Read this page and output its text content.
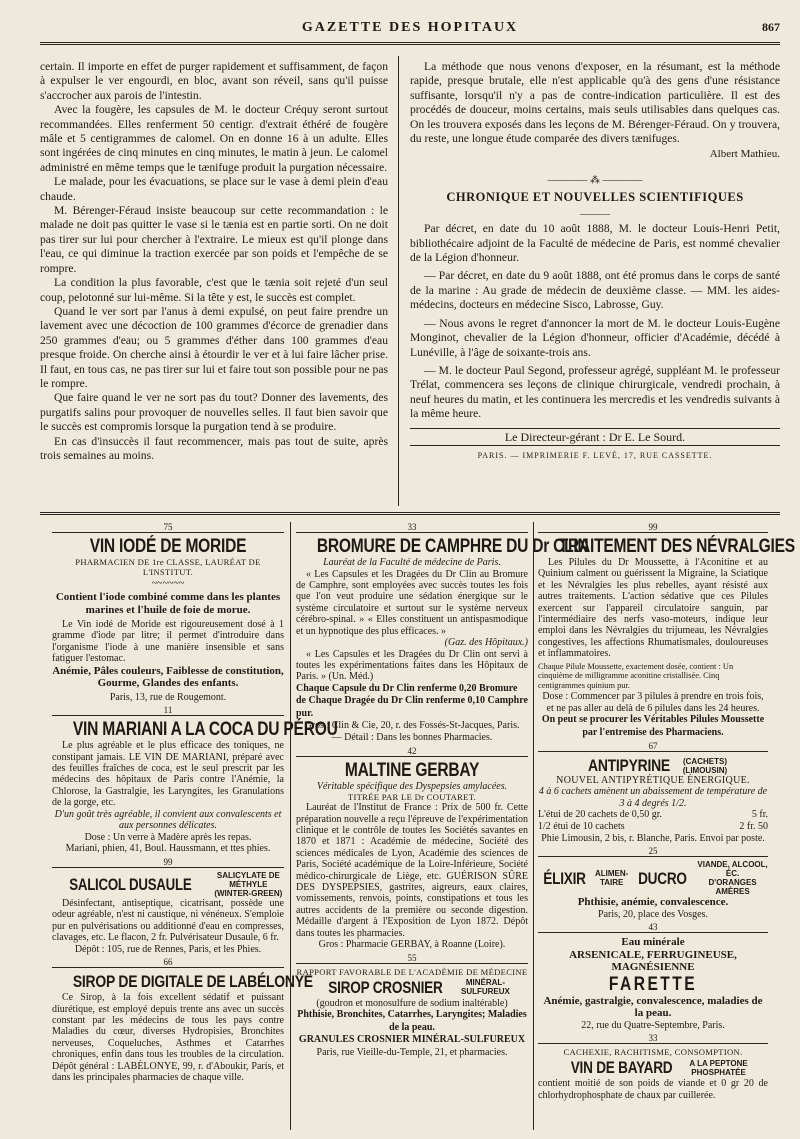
GAZETTE DES HOPITAUX	867

certain. Il importe en effet de purger rapidement et suffisamment, de façon à expulser le ver engourdi, en bloc, avant son réveil, sans qu'il puisse s'accrocher aux parois de l'intestin.

Avec la fougère, les capsules de M. le docteur Créquy seront surtout recommandées. Elles renferment 50 centigr. d'extrait éthéré de fougère mâle et 5 centigrammes de calomel. On en donne 16 à un adulte. Elles sont ingérées de cinq minutes en cinq minutes, le matin à jeun. Le calomel administré en même temps que le tænifuge produit la purgation nécessaire.

Le malade, pour les évacuations, se place sur le vase à demi plein d'eau chaude.

M. Bérenger-Féraud insiste beaucoup sur cette recommandation : le malade ne doit pas quitter le vase si le tænia est en partie sorti. On ne doit pas tirer sur lui pour chercher à l'extraire. Le mieux est qu'il plonge dans l'eau, ce qui diminue la traction exercée par son poids et l'empêche de se rompre.

La condition la plus favorable, c'est que le tænia soit rejeté d'un seul coup, pelotonné sur lui-même. Si la tête y est, le succès est complet.

Quand le ver sort par l'anus à demi expulsé, on peut faire prendre un lavement avec une décoction de 100 grammes d'écorce de grenadier dans 250 grammes d'eau; ou 5 grammes d'éther dans 100 grammes d'eau presque froide. On cherche ainsi à étourdir le ver et à lui faire lâcher prise. Il faut, en tous cas, ne pas tirer sur lui et faire tout son possible pour ne pas le rompre.

Que faire quand le ver ne sort pas du tout? Donner des lavements, des purgatifs salins pour provoquer de nouvelles selles. Il faut bien savoir que le succès est compromis lorsque la purgation tend à se produire.

En cas d'insuccès il faut recommencer, mais pas tout de suite, après trois semaines au moins.

La méthode que nous venons d'exposer, en la résumant, est la méthode rapide, presque brutale, elle n'est applicable qu'à des gens d'une résistance suffisante, lorsqu'il n'y a pas de contre-indication particulière. Il est des procédés de douceur, moins certains, mais seuls utilisables dans quelques cas. On les trouvera exposés dans les leçons de M. Bérenger-Féraud. On y trouvera, du reste, une longue étude comparée des divers tænifuges.

Albert Mathieu.
———— ⁂ ————
CHRONIQUE ET NOUVELLES SCIENTIFIQUES
———

Par décret, en date du 10 août 1888, M. le docteur Louis-Henri Petit, bibliothécaire adjoint de la Faculté de médecine de Paris, est nommé chevalier de la Légion d'honneur.

— Par décret, en date du 9 août 1888, ont été promus dans le corps de santé de la marine : Au grade de médecin de deuxième classe. — MM. les aides-médecins, docteurs en médecine Sisco, Labrosse, Guy.

— Nous avons le regret d'annoncer la mort de M. le docteur Louis-Eugène Monginot, chevalier de la Légion d'honneur, officier d'Académie, décédé à Lunéville, à l'âge de soixante-trois ans.

— M. le docteur Paul Segond, professeur agrégé, suppléant M. le professeur Trélat, commencera ses leçons de clinique chirurgicale, vendredi prochain, à neuf heures du matin, et les continuera les mercredis et les vendredis suivants à la même heure.

Le Directeur-gérant : Dr E. Le Sourd.
PARIS. — IMPRIMERIE F. LEVÉ, 17, RUE CASSETTE.
75
VIN IODÉ DE MORIDE
PHARMACIEN DE 1re CLASSE, LAURÉAT DE L'INSTITUT.
~~~~~~
Contient l'iode combiné comme dans les plantes marines et l'huile de foie de morue.

Le Vin iodé de Moride est rigoureusement dosé à 1 gramme d'iode par litre; il permet d'introduire dans l'organisme l'iode à une manière insensible et sans fatiguer l'estomac.

Anémie, Pâles couleurs, Faiblesse de constitution, Gourme, Glandes des enfants.
Paris, 13, rue de Rougemont.
11
VIN MARIANI A LA COCA DU PÉROU

Le plus agréable et le plus efficace des toniques, ne constipant jamais. LE VIN DE MARIANI, préparé avec des feuilles fraîches de coca, est le seul prescrit par les médecins des hôpitaux de Paris contre l'Anémie, la Chlorose, la Gastralgie, les Laryngites, les Granulations de la gorge, etc.

D'un goût très agréable, il convient aux convalescents et aux personnes délicates.
Dose : Un verre à Madère après les repas.
Mariani, phien, 41, Boul. Haussmann, et ttes phies.
99
SALICOL DUSAULE	SALICYLATE DE MÉTHYLE
(WINTER-GREEN)

Désinfectant, antiseptique, cicatrisant, possède une odeur agréable, n'est ni caustique, ni vénéneux. S'emploie pur en pulvérisations ou additionné d'eau en compresses, clavages, etc. Le flacon, 2 fr. Pulvérisateur Dusaule, 6 fr.

Dépôt : 105, rue de Rennes, Paris, et les Phies.
66
SIROP DE DIGITALE DE LABÉLONYE

Ce Sirop, à la fois excellent sédatif et puissant diurétique, est employé depuis trente ans avec un succès constant par les médecins de tous les pays contre Maladies du cœur, diverses Hydropisies, Bronchites nerveuses, Coqueluches, Asthmes et Catarrhes chroniques, enfin dans tous les troubles de la circulation. Dépôt général : LABÉLONYE, 99, r. d'Aboukir, Paris, et dans les principales pharmacies de chaque ville.

33
BROMURE DE CAMPHRE DU Dr CLIN
Lauréat de la Faculté de médecine de Paris.

« Les Capsules et les Dragées du Dr Clin au Bromure de Camphre, sont employées avec succès toutes les fois que l'on veut produire une sédation énergique sur le système circulatoire et surtout sur le système nerveux cérébro-spinal. » « Elles constituent un antispasmodique et un hypnotique des plus efficaces. »

(Gaz. des Hôpitaux.)

« Les Capsules et les Dragées du Dr Clin ont servi à toutes les expérimentations faites dans les Hôpitaux de Paris. » (Un. Méd.)

Chaque Capsule du Dr Clin renferme 0,20 Bromure de Chaque Dragée du Dr Clin renferme 0,10 Camphre pur.
Gros : Clin & Cie, 20, r. des Fossés-St-Jacques, Paris.
— Détail : Dans les bonnes Pharmacies.
42
MALTINE GERBAY
Véritable spécifique des Dyspepsies amylacées.
TITRÉE PAR LE Dr COUTARET.

Lauréat de l'Institut de France : Prix de 500 fr. Cette préparation nouvelle a reçu l'épreuve de l'expérimentation clinique et le contrôle de toutes les Sociétés savantes en 1870 et 1871 : Académie de médecine, Société des sciences médicales de Lyon, Académie des sciences de Paris, Société académique de la Loire-Inférieure, Société médico-chirurgicale de Liège, etc. GUÉRISON SÛRE DES DYSPEPSIES, gastrites, aigreurs, eaux claires, vomissements, renvois, points, constipations et tous les autres accidents de la première ou seconde digestion. Médaille d'argent à l'Exposition de Lyon 1872. Dépôt dans toutes les pharmacies.

Gros : Pharmacie GERBAY, à Roanne (Loire).
55
RAPPORT FAVORABLE DE L'ACADÉMIE DE MÉDECINE
SIROP CROSNIER	MINÉRAL-
SULFUREUX
(goudron et monosulfure de sodium inaltérable)
Phthisie, Bronchites, Catarrhes, Laryngites; Maladies de la peau.
GRANULES CROSNIER MINÉRAL-SULFUREUX
Paris, rue Vieille-du-Temple, 21, et pharmacies.
99
TRAITEMENT DES NÉVRALGIES

Les Pilules du Dr Moussette, à l'Aconitine et au Quinium calment ou guérissent la Migraine, la Sciatique et les Névralgies les plus rebelles, ayant résisté aux autres traitements. L'action sédative que ces Pilules exercent sur l'appareil circulatoire sanguin, par l'intermédiaire des nerfs vaso-moteurs, indique leur emploi dans les Névralgies du trijumeau, les Névralgies congestives, les affections Rhumatismales, douloureuses et inflammatoires.

Chaque Pilule Moussette, exactement dosée, contient : Un cinquième de milligramme aconitine cristallisée. Cinq centigrammes quinium pur.
Dose : Commencer par 3 pilules à prendre en trois fois, et ne pas aller au delà de 6 pilules dans les 24 heures.
On peut se procurer les Véritables Pilules Moussette par l'entremise des Pharmaciens.
67
ANTIPYRINE (CACHETS)
(LIMOUSIN)
NOUVEL ANTIPYRÉTIQUE ÉNERGIQUE.
4 à 6 cachets amènent un abaissement de température de 3 à 4 degrés 1/2.
L'étui de 20 cachets de 0,50 gr.	5 fr.
1/2 étui de 10 cachets	2 fr. 50
Phie Limousin, 2 bis, r. Blanche, Paris. Envoi par poste.
25
ÉLIXIR ALIMEN-
TAIRE DUCRO
VIANDE, ALCOOL, ÉC.
D'ORANGES AMÈRES
Phthisie, anémie, convalescence.
Paris, 20, place des Vosges.
43
Eau minérale
ARSENICALE, FERRUGINEUSE, MAGNÉSIENNE
FARETTE
Anémie, gastralgie, convalescence, maladies de la peau.
22, rue du Quatre-Septembre, Paris.
33
CACHEXIE, RACHITISME, CONSOMPTION.
VIN DE BAYARD A LA PEPTONE
PHOSPHATÉE

contient moitié de son poids de viande et 0 gr 20 de chlorhydrophosphate de chaux par cuillerée.
